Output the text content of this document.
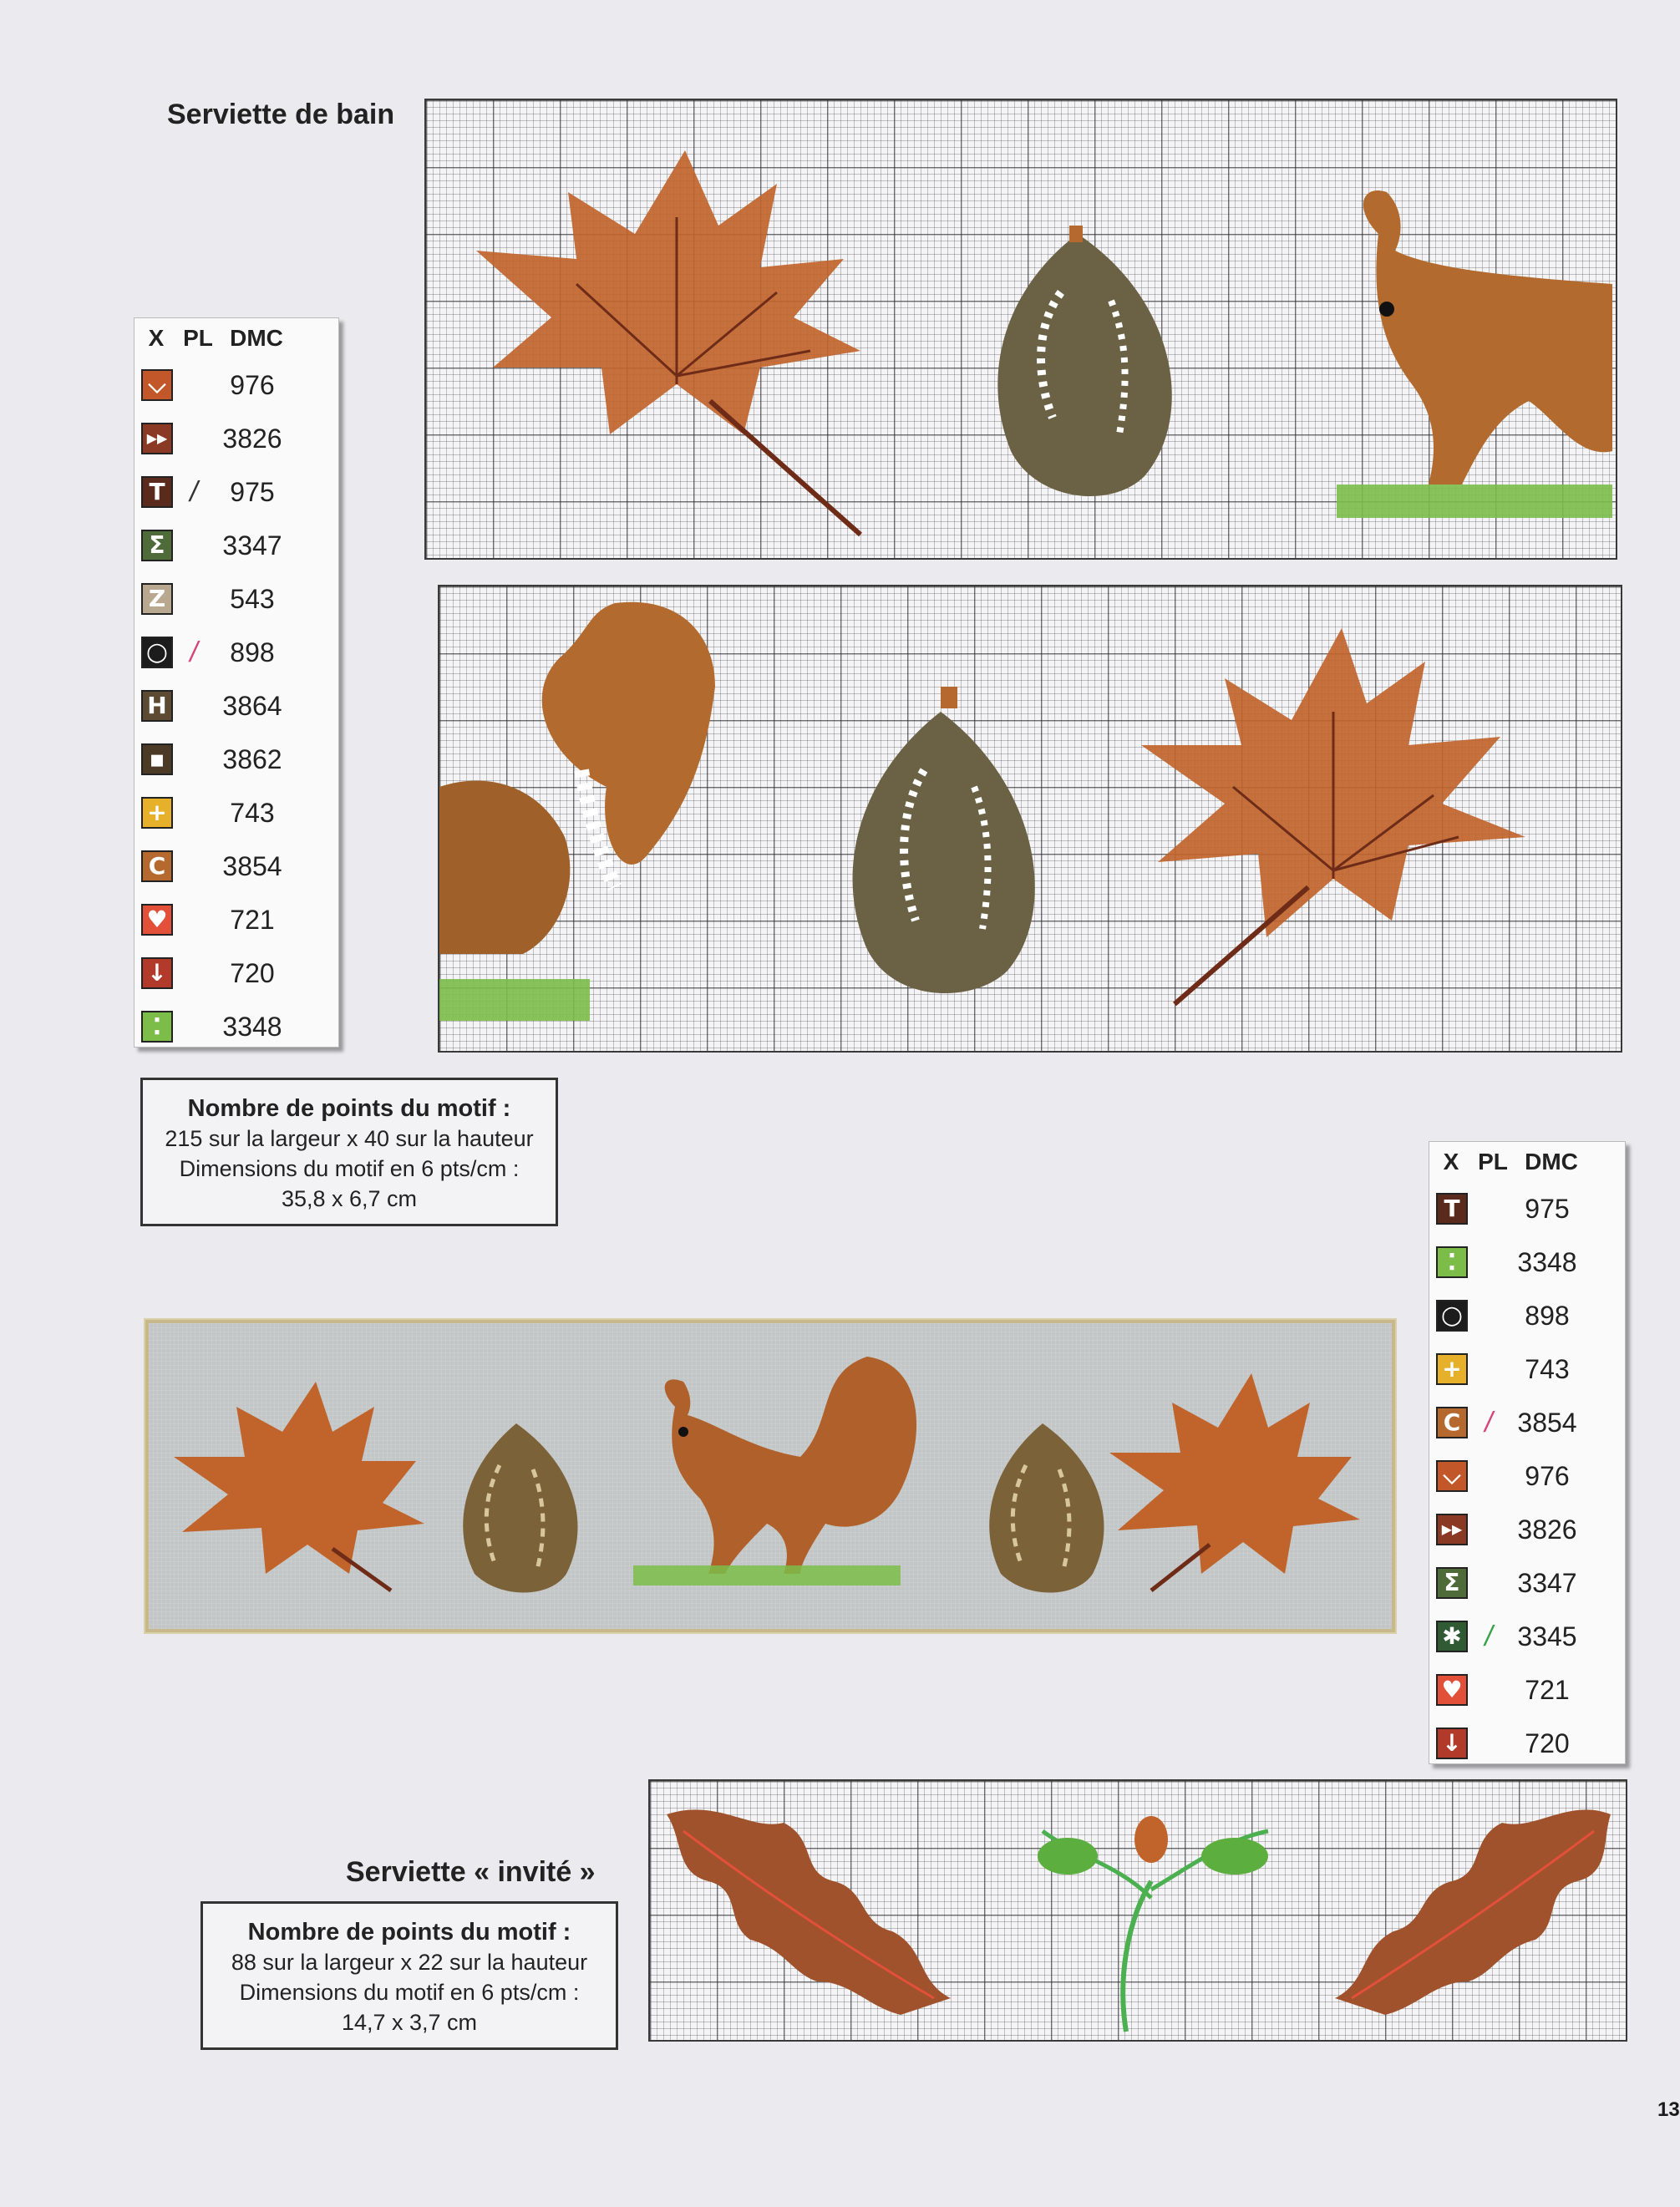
Serviette de bain
Serviette « invité »
13
X PL DMC
⌵	976
▶▶ 3826
T /	975
Σ 3347
Z	543
○ /	898
H 3864
▪ 3862
+	743
C 3854
♥	721
↓	720
⁚	3348
Nombre de points du motif :
215 sur la largeur x 40 sur la hauteur
Dimensions du motif en 6 pts/cm :
35,8 x 6,7 cm
X PL DMC
T	975
⁚	3348
○	898
+	743
C / 3854
⌵	976
▶▶ 3826
Σ 3347
✱ / 3345
♥	721
↓	720
Nombre de points du motif :
88 sur la largeur x 22 sur la hauteur
Dimensions du motif en 6 pts/cm :
14,7 x 3,7 cm
